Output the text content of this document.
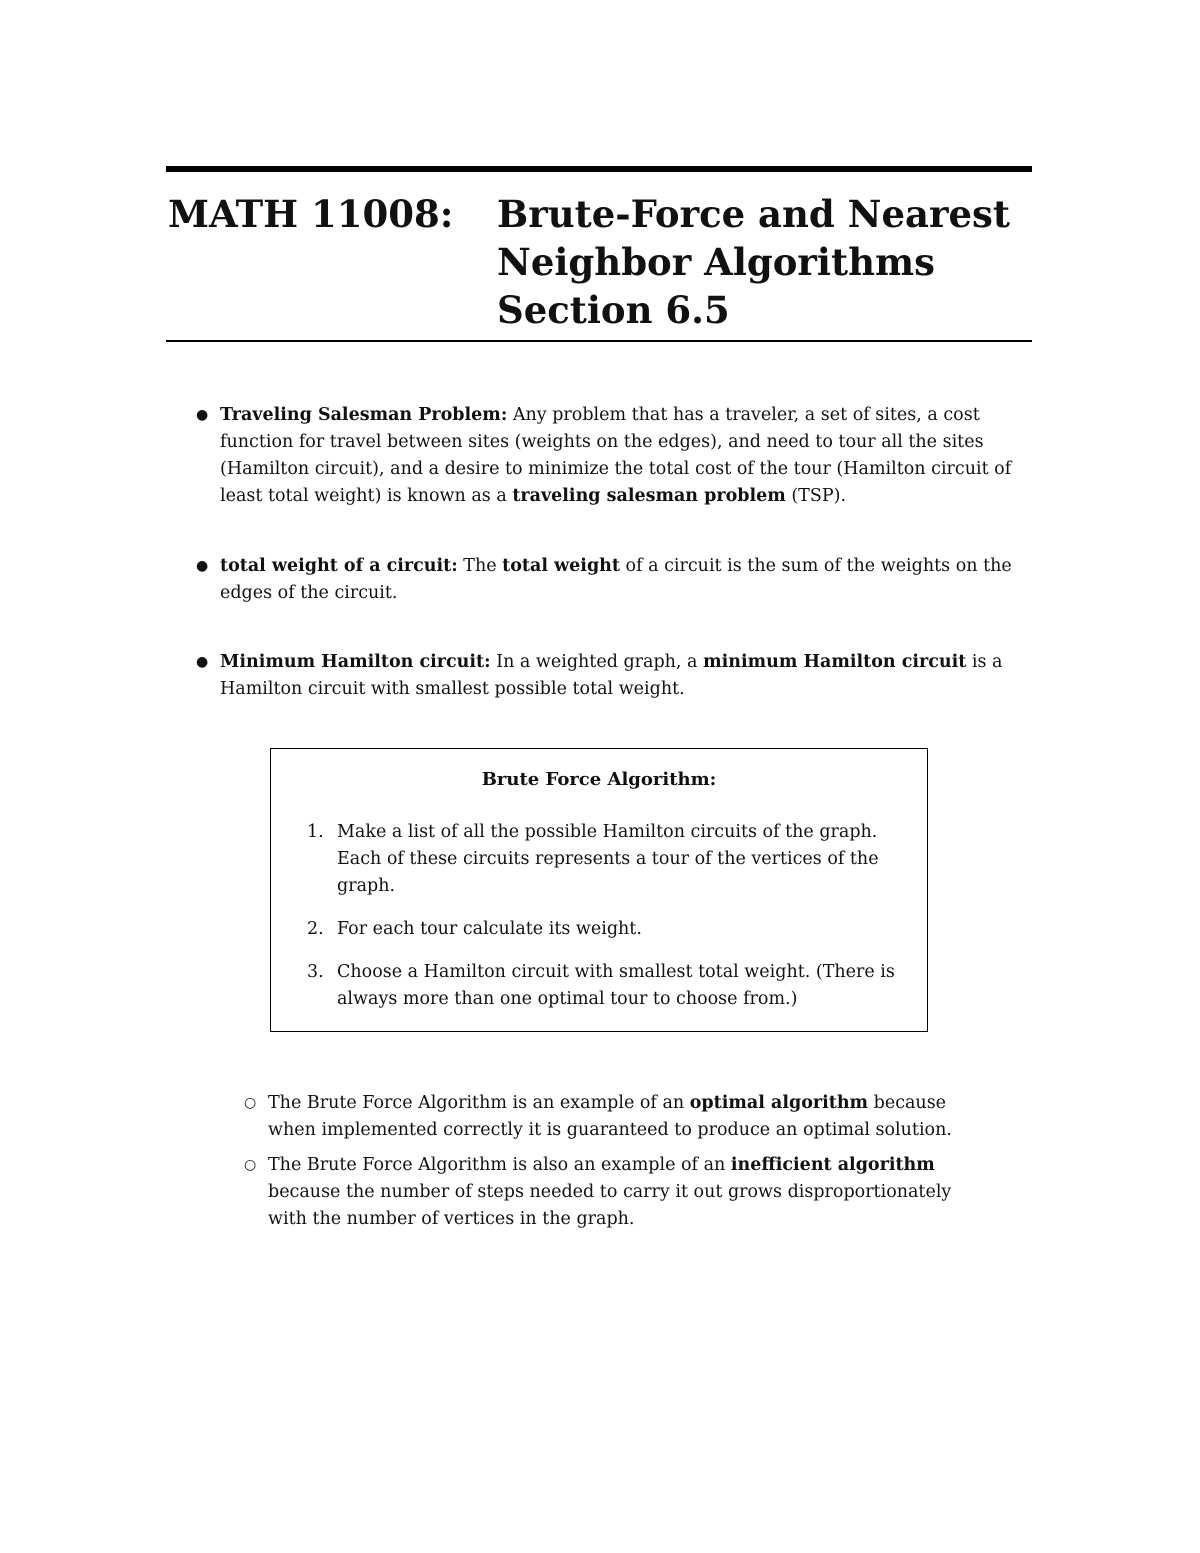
MATH 11008: Brute-Force and Nearest
Neighbor Algorithms
Section 6.5
● Traveling Salesman Problem: Any problem that has a traveler, a set of sites, a cost function for travel between sites (weights on the edges), and need to tour all the sites (Hamilton circuit), and a desire to minimize the total cost of the tour (Hamilton circuit of least total weight) is known as a traveling salesman problem (TSP).
● total weight of a circuit: The total weight of a circuit is the sum of the weights on the edges of the circuit.
● Minimum Hamilton circuit: In a weighted graph, a minimum Hamilton circuit is a Hamilton circuit with smallest possible total weight.
Brute Force Algorithm:
1. Make a list of all the possible Hamilton circuits of the graph. Each of these circuits represents a tour of the vertices of the graph.
2. For each tour calculate its weight.
3. Choose a Hamilton circuit with smallest total weight. (There is always more than one optimal tour to choose from.)
○ The Brute Force Algorithm is an example of an optimal algorithm because when implemented correctly it is guaranteed to produce an optimal solution.
○ The Brute Force Algorithm is also an example of an inefficient algorithm because the number of steps needed to carry it out grows disproportionately with the number of vertices in the graph.
